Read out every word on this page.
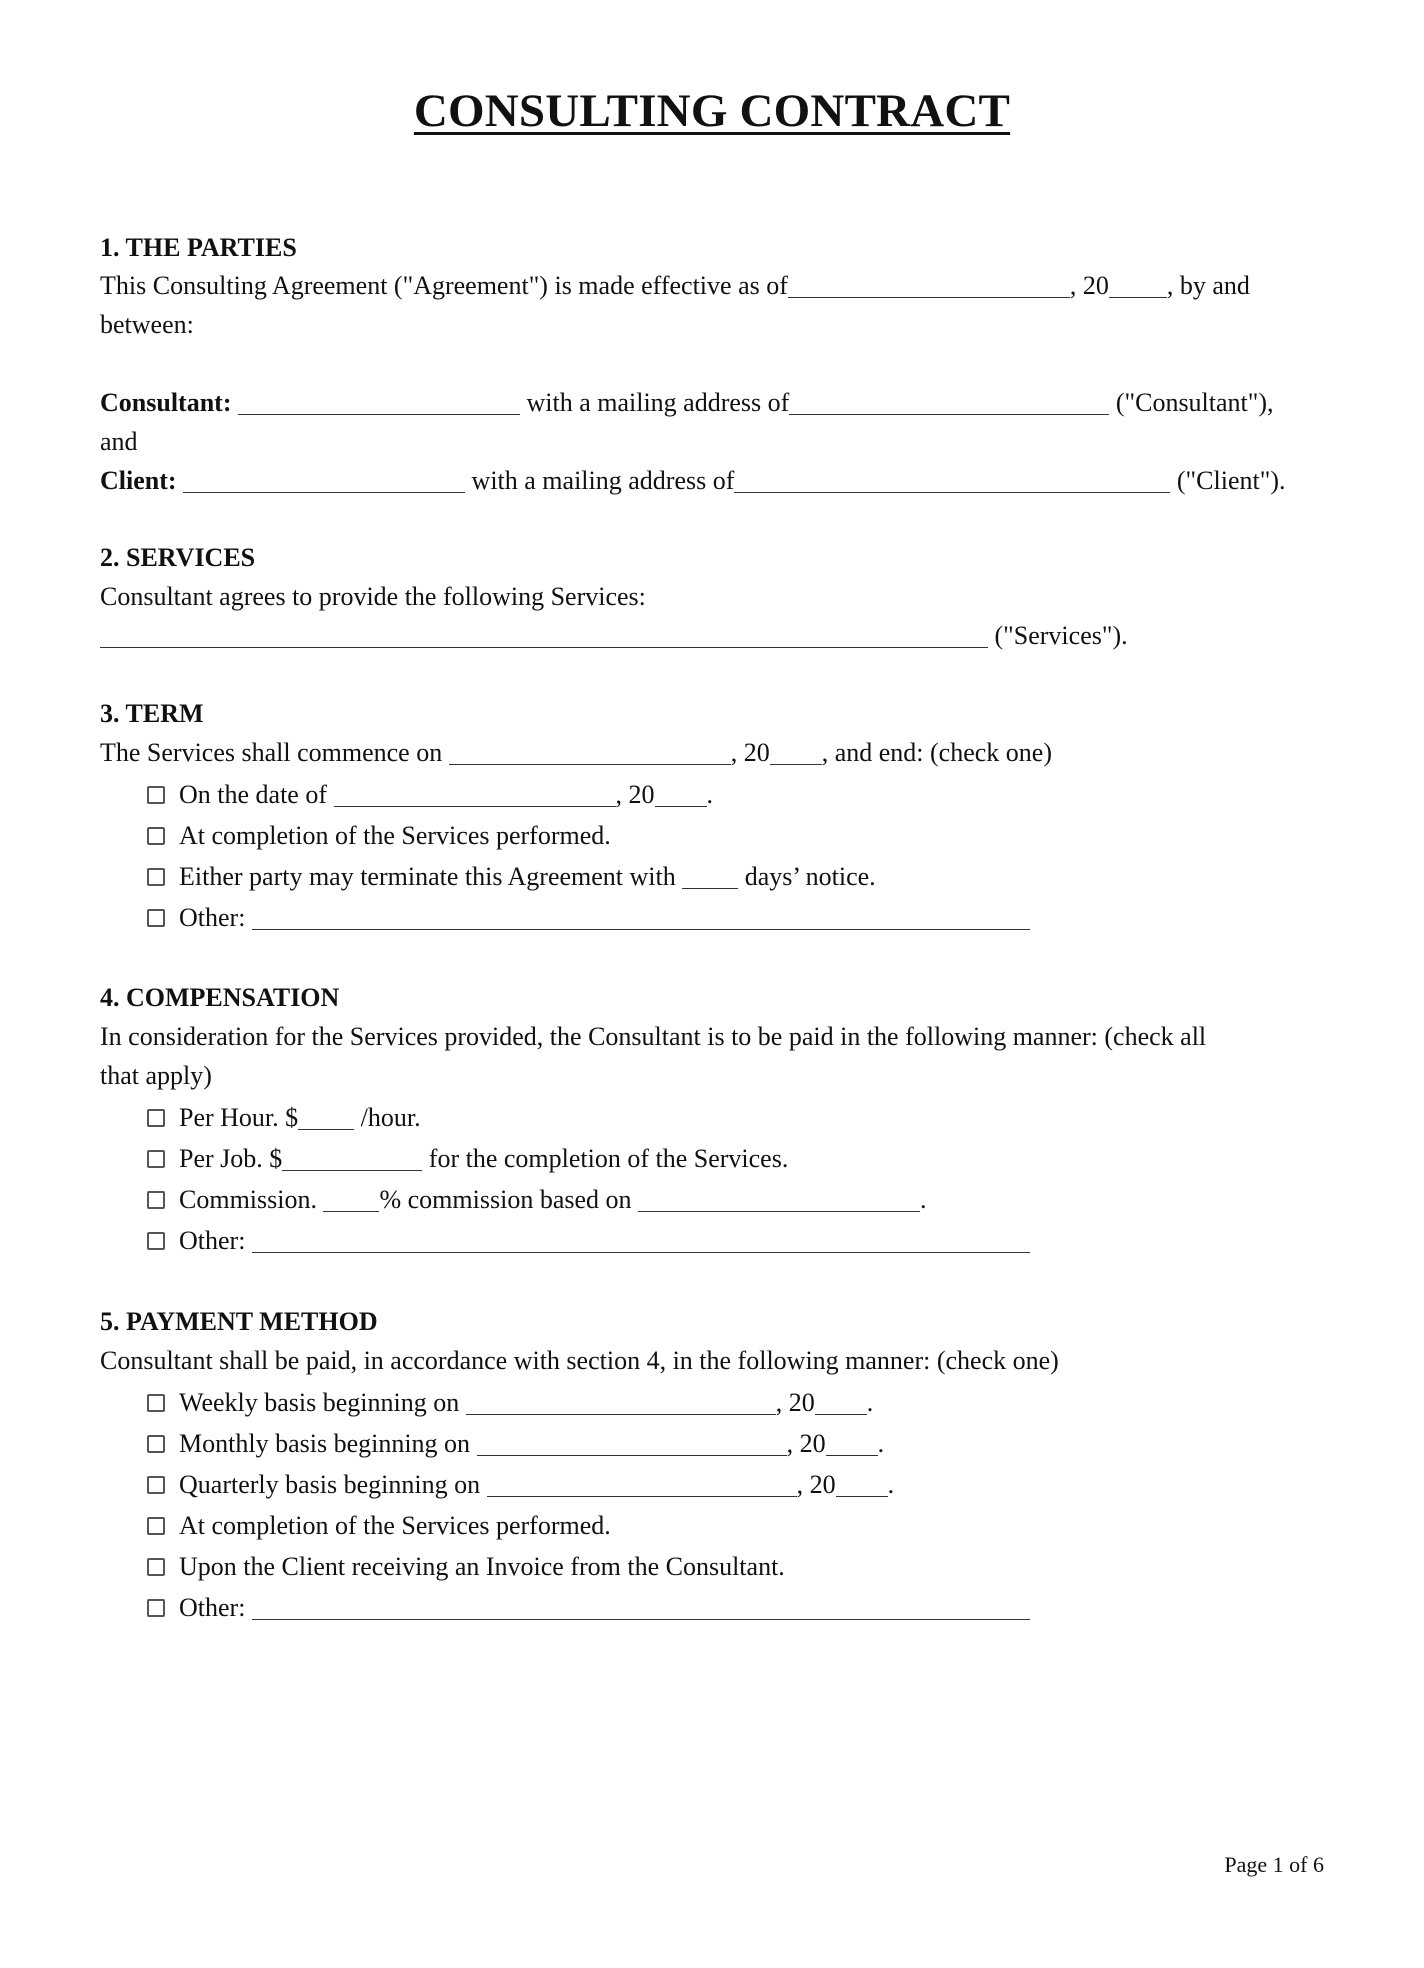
CONSULTING CONTRACT
1. THE PARTIES
This Consulting Agreement ("Agreement") is made effective as of	, 20 , by and
between:
Consultant:	with a mailing address of	("Consultant"),
and
Client:	with a mailing address of	("Client").
2. SERVICES
Consultant agrees to provide the following Services:
("Services").
3. TERM
The Services shall commence on	, 20 , and end: (check one)
On the date of	, 20 .
At completion of the Services performed.
Either party may terminate this Agreement with  days’ notice.
Other:
4. COMPENSATION
In consideration for the Services provided, the Consultant is to be paid in the following manner: (check all
that apply)
Per Hour. $ /hour.
Per Job. $	for the completion of the Services.
Commission. % commission based on	.
Other:
5. PAYMENT METHOD
Consultant shall be paid, in accordance with section 4, in the following manner: (check one)
Weekly basis beginning on	, 20 .
Monthly basis beginning on	, 20 .
Quarterly basis beginning on	, 20 .
At completion of the Services performed.
Upon the Client receiving an Invoice from the Consultant.
Other:
Page 1 of 6
